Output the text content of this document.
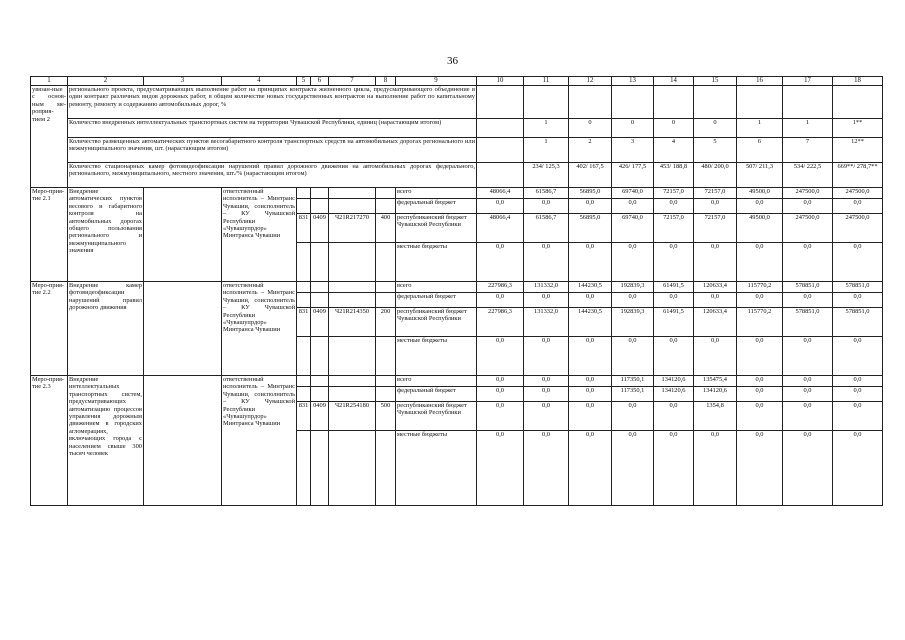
36
1	2	3	4	5	6	7	8	9	10	11	12	13	14	15	16	17	18	
увязан-ные с основ-ным ме-роприя-тием 2	регионального проекта, предусматривающих выполнение работ на принципах контракта жизненного цикла, предусматривающего объединение в один контракт различных видов дорожных работ, в общем количестве новых государственных контрактов на выполнение работ по капитальному ремонту, ремонту и содержанию автомобильных дорог, %																	
	Количество внедренных интеллектуальных транспортных систем на территории Чувашской Республики, единиц (нарастающим итогом)									1	0	0	0	0	1	1	1**	
	Количество размещенных автоматических пунктов весогабаритного контроля транспортных средств на автомобильных дорогах регионального или межмуниципального значения, шт. (нарастающим итогом)									1	2	3	4	5	6	7	12**	
	Количество стационарных камер фотовидеофиксации нарушений правил дорожного движения на автомобильных дорогах федерального, регионального, межмуниципального, местного значения, шт./% (нарастающим итогом)									234/ 125,3	402/ 167,5	426/ 177,5	453/ 188,8	480/ 200,0	507/ 211,3	534/ 222,5	669**/ 278,7**	
Меро-прия-тие 2.1	Внедрение автоматических пунктов весового и габаритного контроля на автомобильных дорогах общего пользования регионального и межмуниципального значения		ответственный исполнитель – Минтранс Чувашии, соисполнитель – КУ Чувашской Республики «Чувашупрдор» Минтранса Чувашии					всего	48066,4	61586,7	56895,0	69740,0	72157,0	72157,0	49500,0	247500,0	247500,0	
								федеральный бюджет	0,0	0,0	0,0	0,0	0,0	0,0	0,0	0,0	0,0	
				831	0409	Ч21R217270	400	республиканский бюджет Чувашской Республики	48066,4	61586,7	56895,0	69740,0	72157,0	72157,0	49500,0	247500,0	247500,0	
								местные бюджеты	0,0	0,0	0,0	0,0	0,0	0,0	0,0	0,0	0,0	
Меро-прия-тие 2.2	Внедрение камер фотовидеофиксации нарушений правил дорожного движения		ответственный исполнитель – Минтранс Чувашии, соисполнитель – КУ Чувашской Республики «Чувашупрдор» Минтранса Чувашии					всего	227986,3	131332,0	144230,5	192839,3	61491,5	120633,4	115770,2	578851,0	578851,0	
								федеральный бюджет	0,0	0,0	0,0	0,0	0,0	0,0	0,0	0,0	0,0	
				831	0409	Ч21R214350	200	республиканский бюджет Чувашской Республики	227986,3	131332,0	144230,5	192839,3	61491,5	120633,4	115770,2	578851,0	578851,0	
								местные бюджеты	0,0	0,0	0,0	0,0	0,0	0,0	0,0	0,0	0,0	
Меро-прия-тие 2.3	Внедрение интеллектуальных транспортных систем, предусматривающих автоматизацию процессов управления дорожным движением в городских агломерациях, включающих города с населением свыше 300 тысяч человек		ответственный исполнитель – Минтранс Чувашии, соисполнитель – КУ Чувашской Республики «Чувашупрдор» Минтранса Чувашии					всего	0,0	0,0	0,0	117350,1	134120,6	135475,4	0,0	0,0	0,0	
								федеральный бюджет	0,0	0,0	0,0	117350,1	134120,6	134120,6	0,0	0,0	0,0	
				831	0409	Ч21R254180	500	республиканский бюджет Чувашской Республики	0,0	0,0	0,0	0,0	0,0	1354,8	0,0	0,0	0,0	
								местные бюджеты	0,0	0,0	0,0	0,0	0,0	0,0	0,0	0,0	0,0	
